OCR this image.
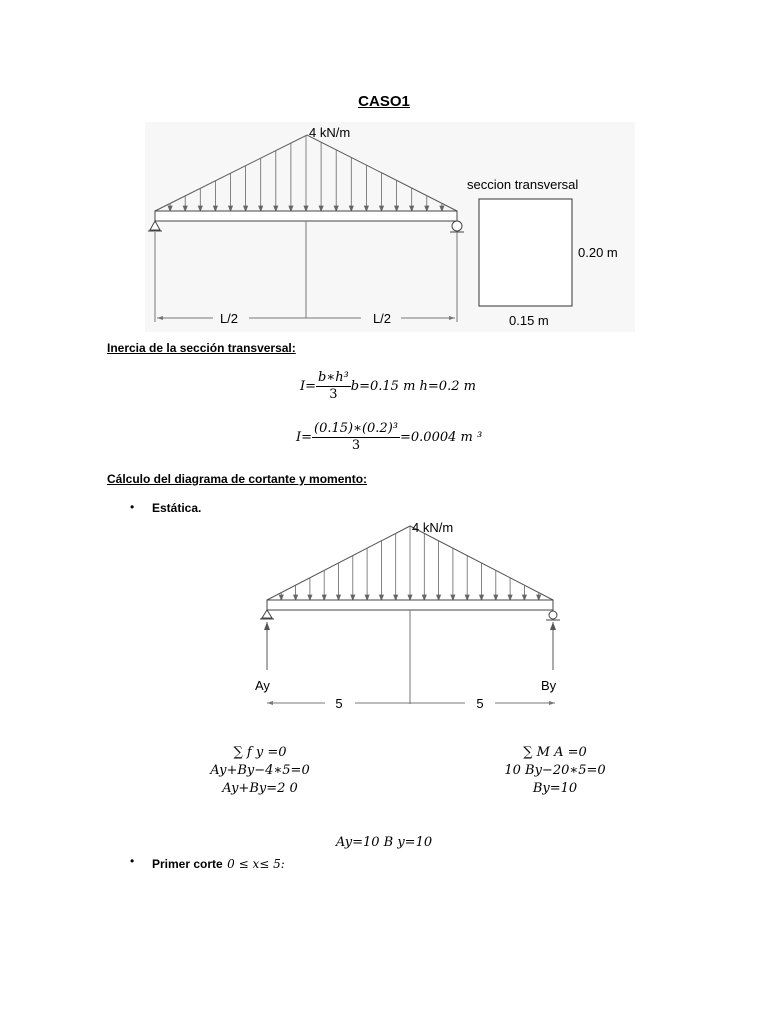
CASO1
L/2	L/2
4 kN/m
seccion transversal
0.20 m
0.15 m
Inercia de la sección transversal:
$I= \frac{\text{b∗h³}}{3} b=0.15$ m h=0.2 m
$I= \frac{\text{(0.15)∗(0.2)³}}{3} =0.0004$ m ³
Cálculo del diagrama de cortante y momento:
• Estática.
5	5
Ay	By
4 kN/m
∑ f y =0
Ay+By−4∗5=0
Ay+By=2 0
∑ M A =0
10 By−20∗5=0
By=10
Ay=10 B y=10
• Primer corte 0 ≤ x≤ 5:
